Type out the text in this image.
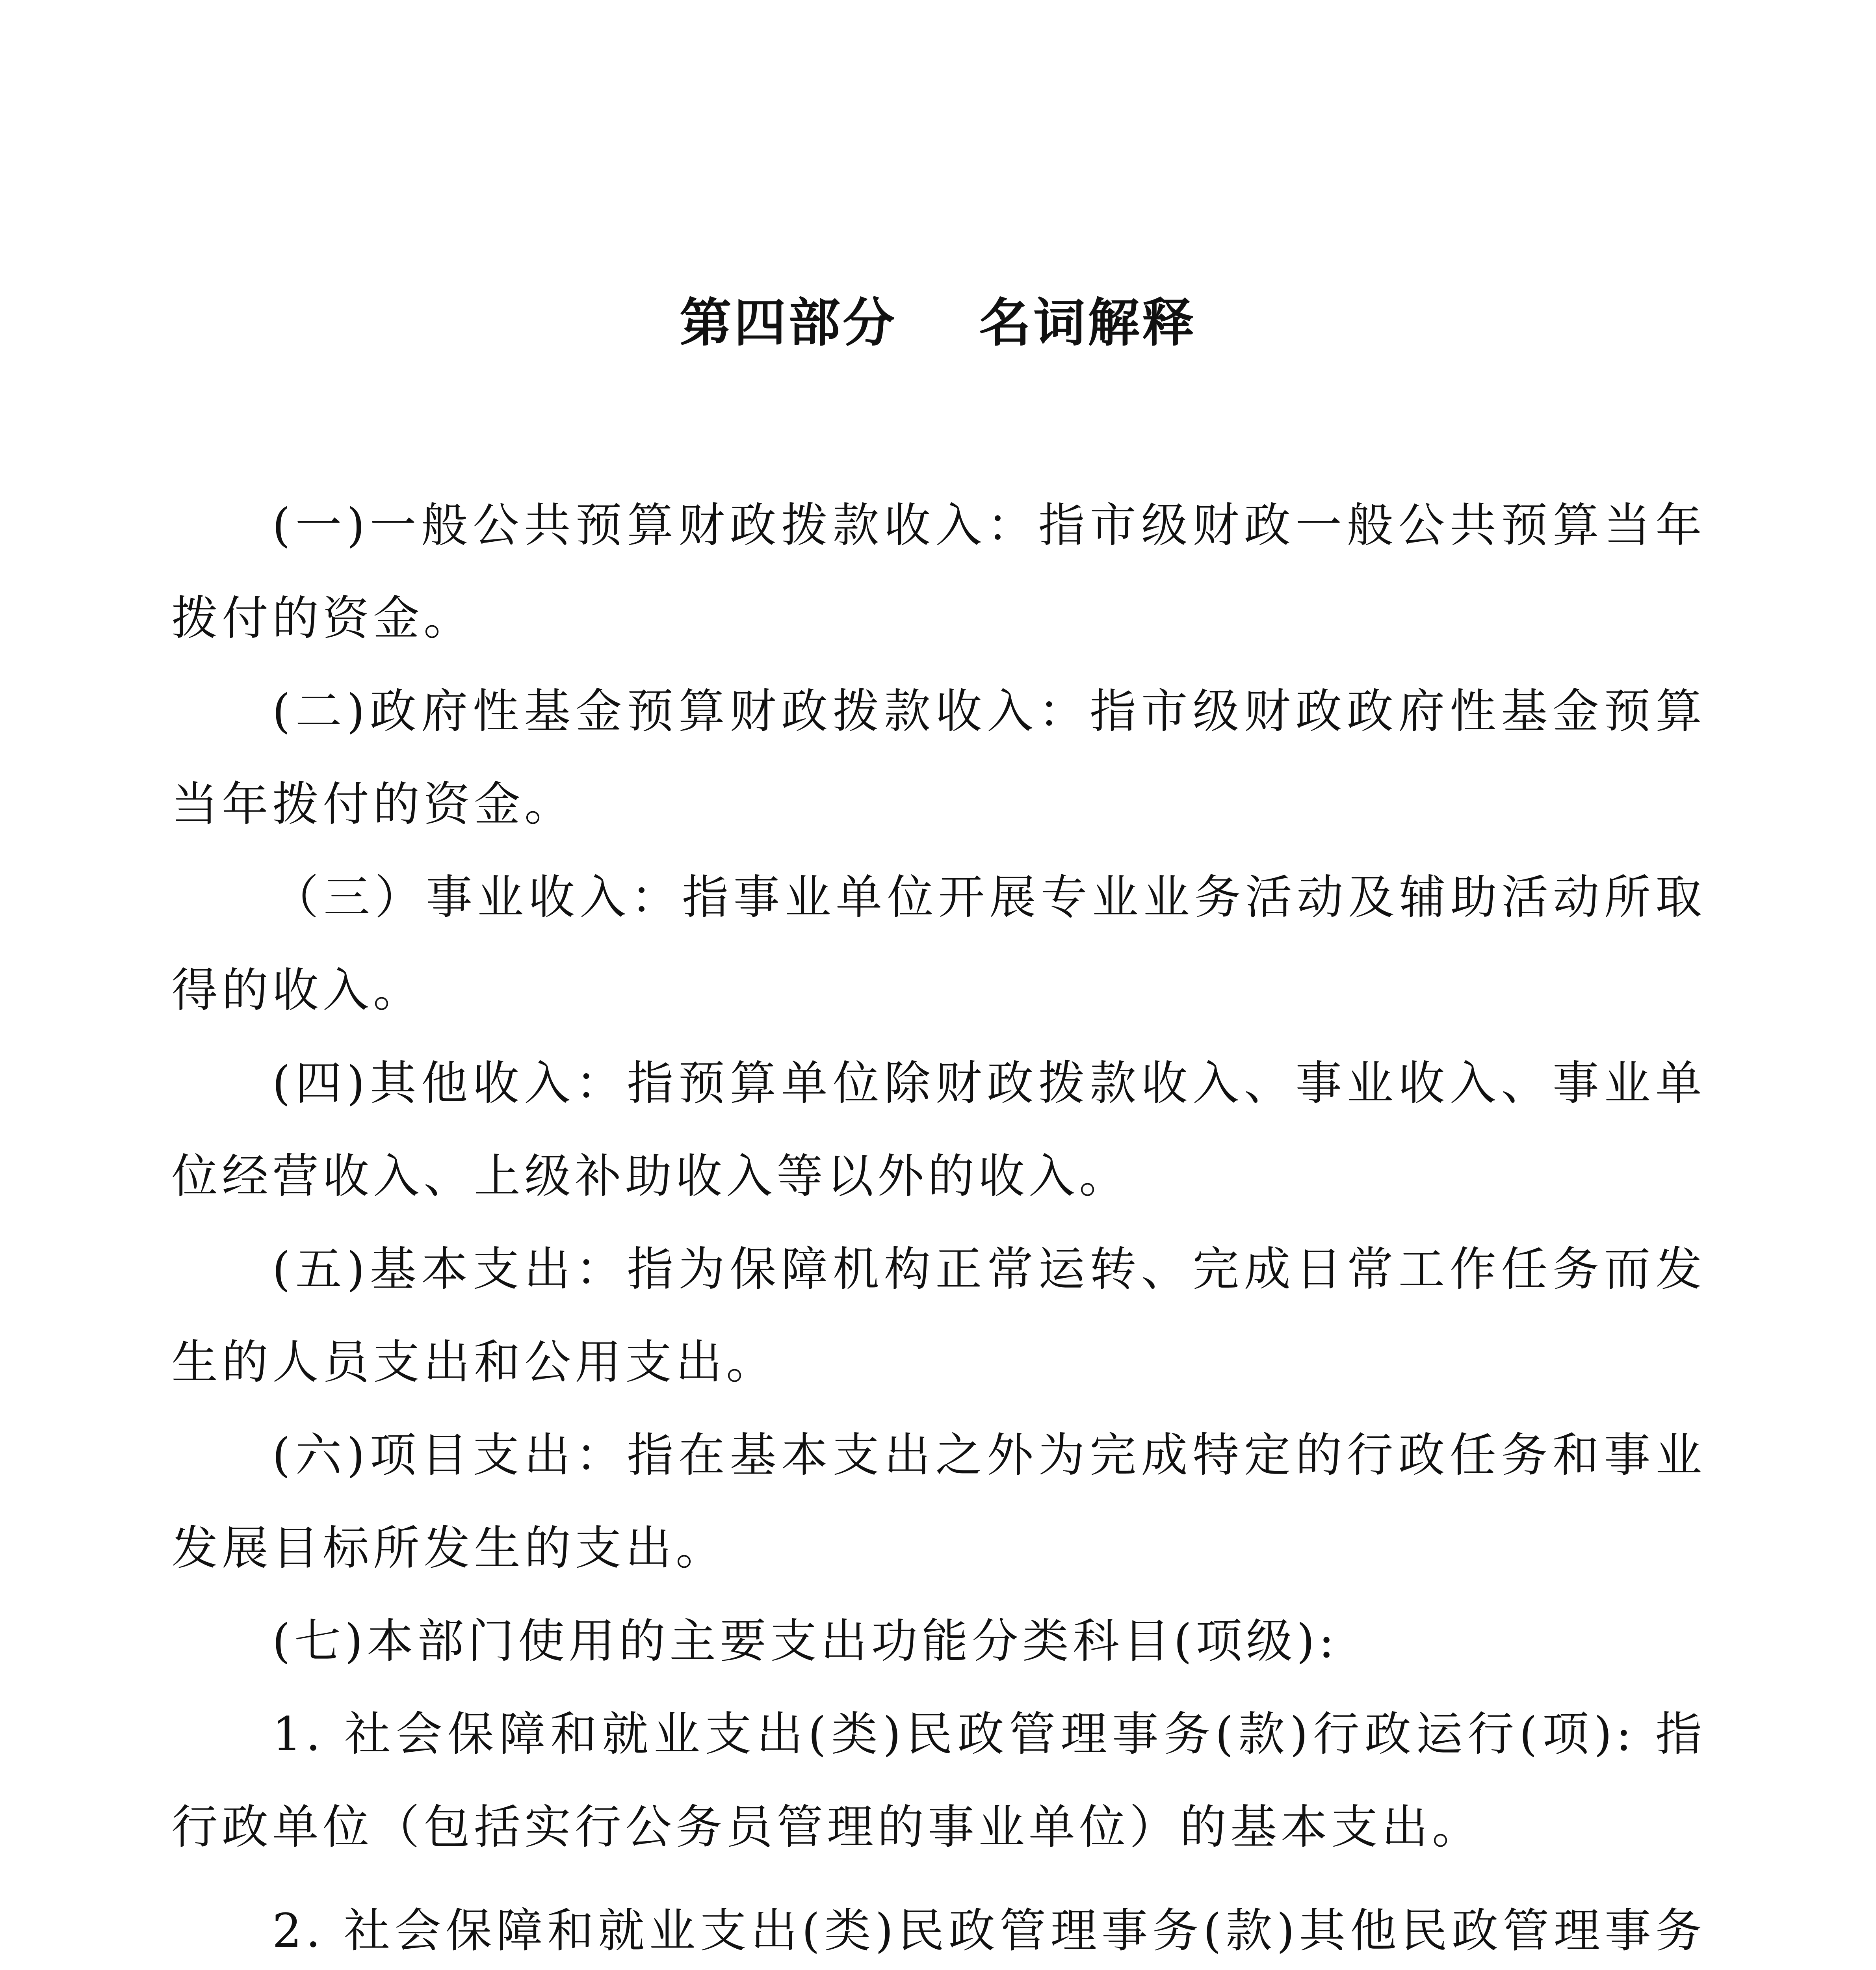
第四部分    名词解释

(一)一般公共预算财政拨款收入：指市级财政一般公共预算当年拨付的资金。

(二)政府性基金预算财政拨款收入：指市级财政政府性基金预算当年拨付的资金。

（三）事业收入：指事业单位开展专业业务活动及辅助活动所取得的收入。

(四)其他收入：指预算单位除财政拨款收入、事业收入、事业单位经营收入、上级补助收入等以外的收入。

(五)基本支出：指为保障机构正常运转、完成日常工作任务而发生的人员支出和公用支出。

(六)项目支出：指在基本支出之外为完成特定的行政任务和事业发展目标所发生的支出。

(七)本部门使用的主要支出功能分类科目(项级):

1. 社会保障和就业支出(类)民政管理事务(款)行政运行(项): 指行政单位（包括实行公务员管理的事业单位）的基本支出。

2. 社会保障和就业支出(类)民政管理事务(款)其他民政管理事务
